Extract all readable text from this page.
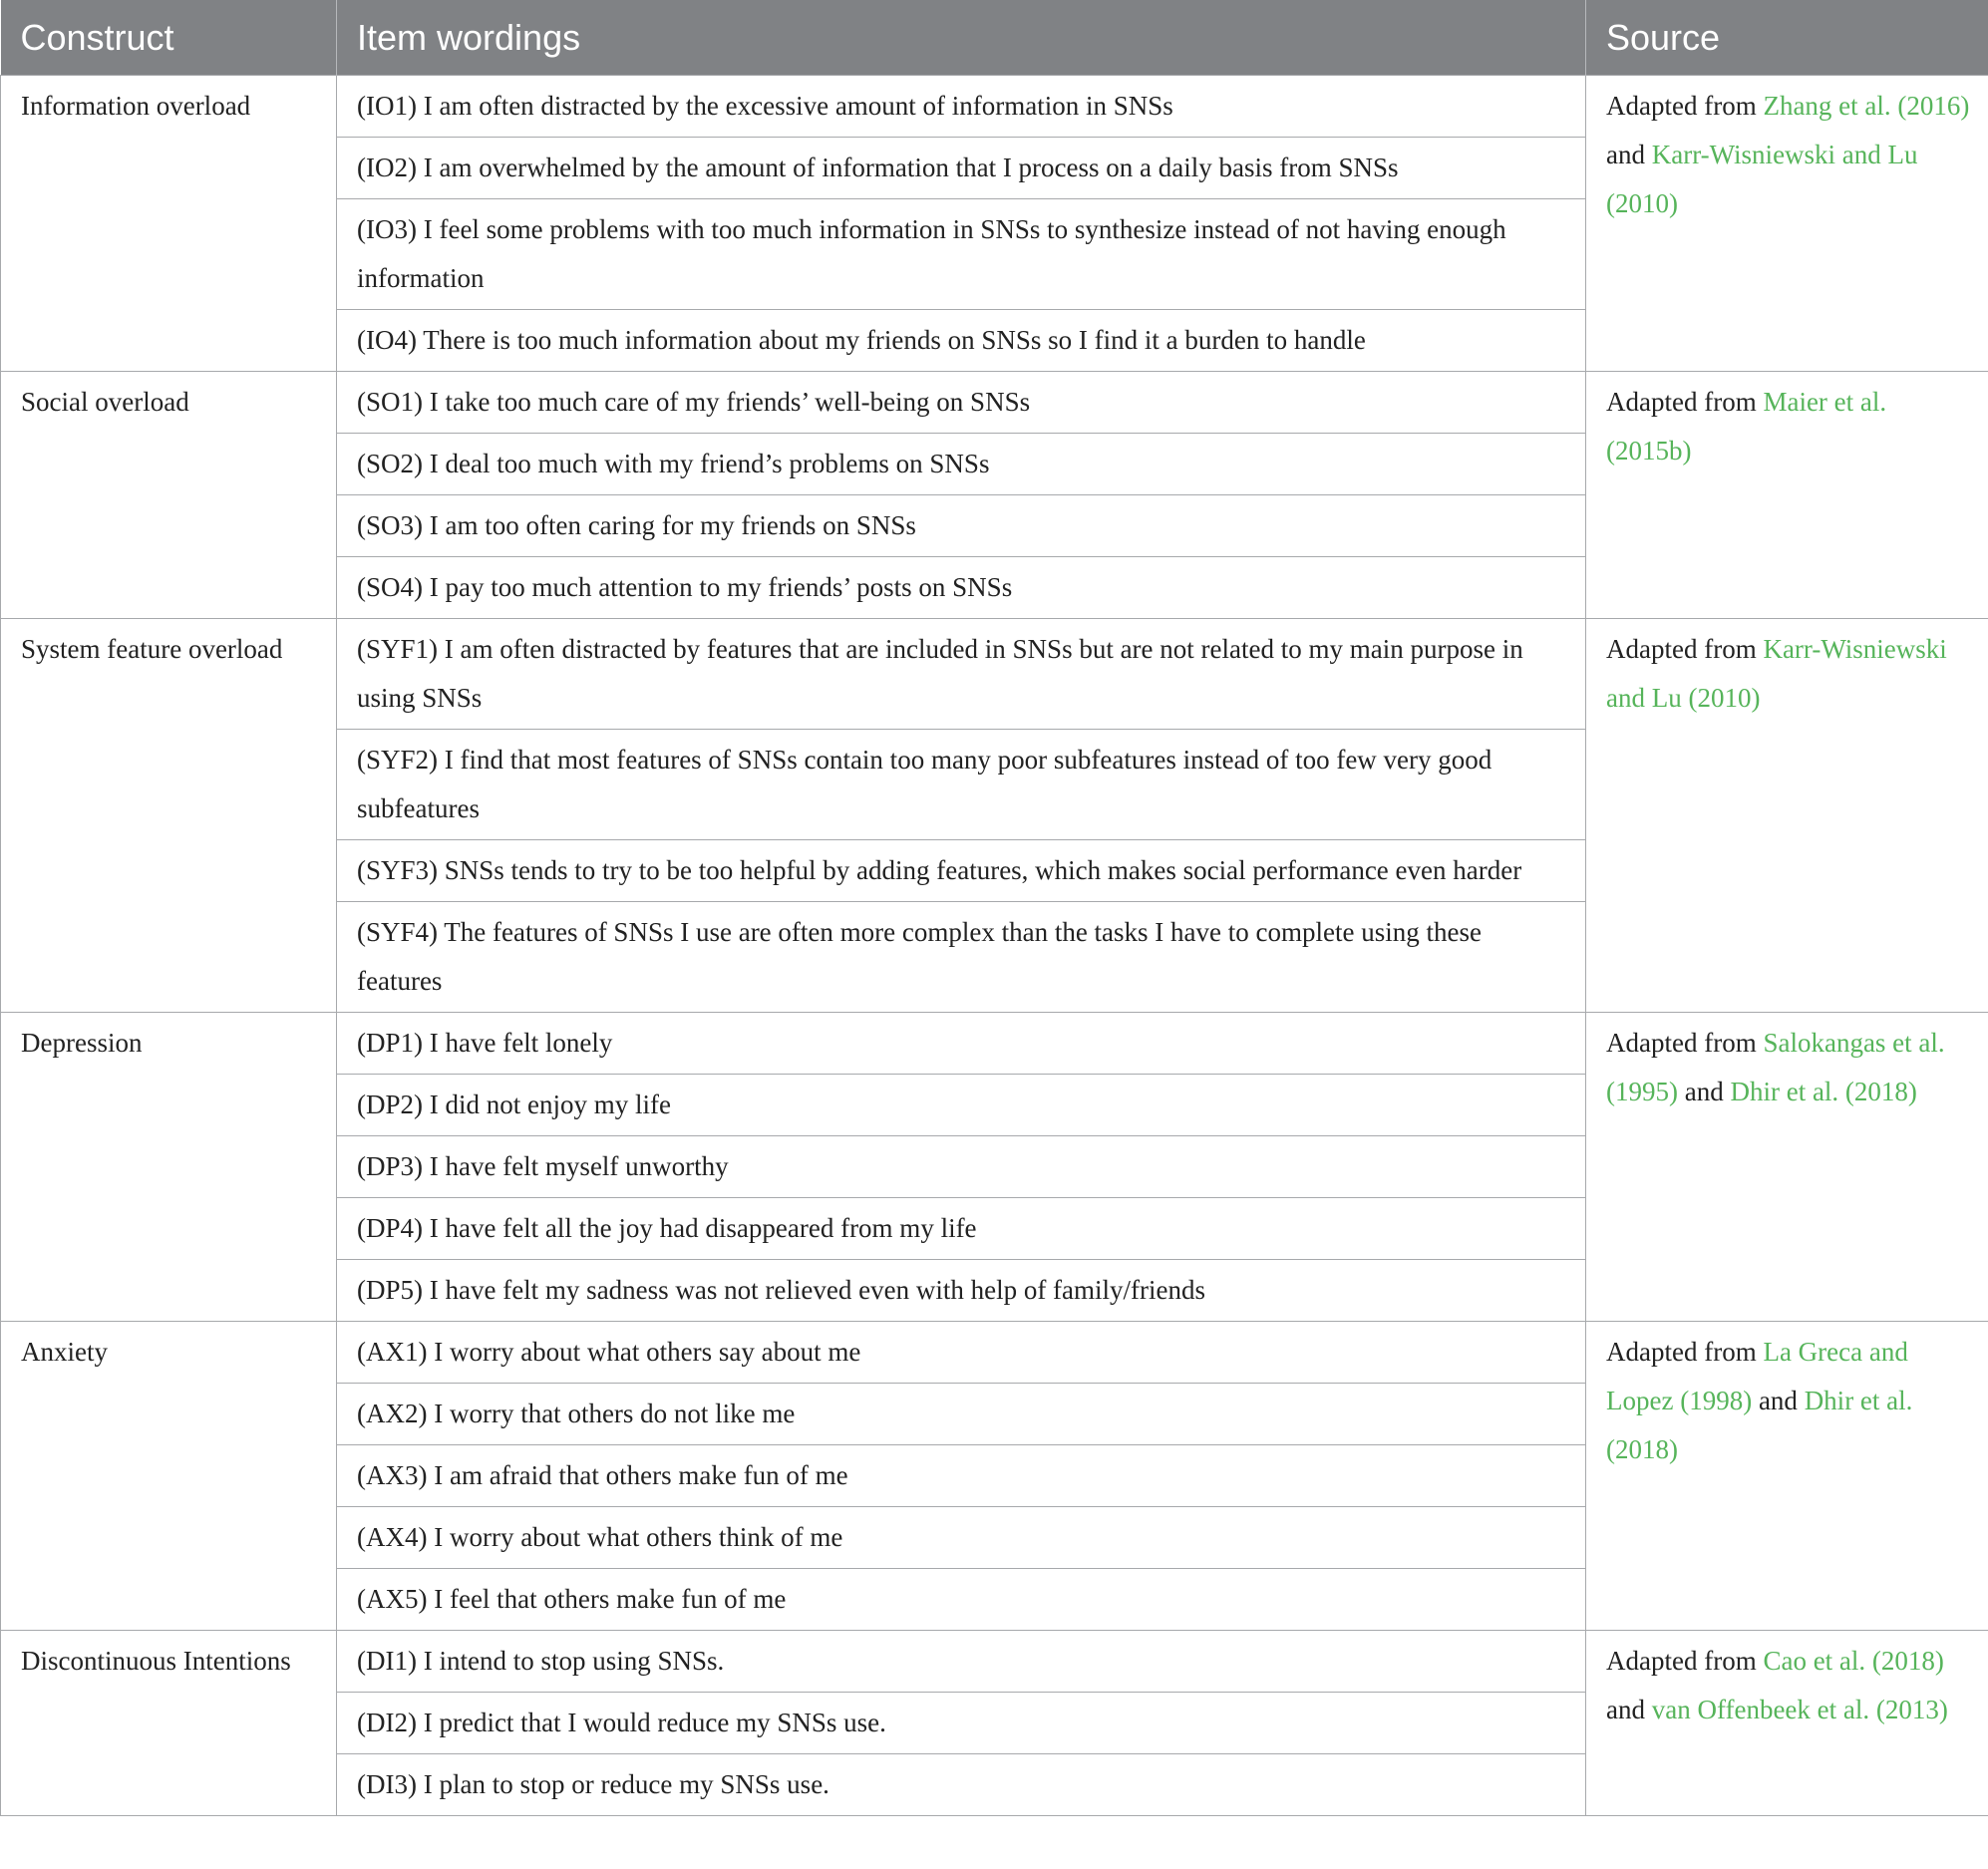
Construct	Item wordings	Source
Information overload	(IO1) I am often distracted by the excessive amount of information in SNSs	Adapted from Zhang et al. (2016) and Karr-Wisniewski and Lu (2010)
	(IO2) I am overwhelmed by the amount of information that I process on a daily basis from SNSs	
	(IO3) I feel some problems with too much information in SNSs to synthesize instead of not having enough information	
	(IO4) There is too much information about my friends on SNSs so I find it a burden to handle	
Social overload	(SO1) I take too much care of my friends’ well-being on SNSs	Adapted from Maier et al. (2015b)
	(SO2) I deal too much with my friend’s problems on SNSs	
	(SO3) I am too often caring for my friends on SNSs	
	(SO4) I pay too much attention to my friends’ posts on SNSs	
System feature overload	(SYF1) I am often distracted by features that are included in SNSs but are not related to my main purpose in using SNSs	Adapted from Karr-Wisniewski and Lu (2010)
	(SYF2) I find that most features of SNSs contain too many poor subfeatures instead of too few very good subfeatures	
	(SYF3) SNSs tends to try to be too helpful by adding features, which makes social performance even harder	
	(SYF4) The features of SNSs I use are often more complex than the tasks I have to complete using these features	
Depression	(DP1) I have felt lonely	Adapted from Salokangas et al. (1995) and Dhir et al. (2018)
	(DP2) I did not enjoy my life	
	(DP3) I have felt myself unworthy	
	(DP4) I have felt all the joy had disappeared from my life	
	(DP5) I have felt my sadness was not relieved even with help of family/friends	
Anxiety	(AX1) I worry about what others say about me	Adapted from La Greca and Lopez (1998) and Dhir et al. (2018)
	(AX2) I worry that others do not like me	
	(AX3) I am afraid that others make fun of me	
	(AX4) I worry about what others think of me	
	(AX5) I feel that others make fun of me	
Discontinuous Intentions	(DI1) I intend to stop using SNSs.	Adapted from Cao et al. (2018) and van Offenbeek et al. (2013)
	(DI2) I predict that I would reduce my SNSs use.	
	(DI3) I plan to stop or reduce my SNSs use.	
